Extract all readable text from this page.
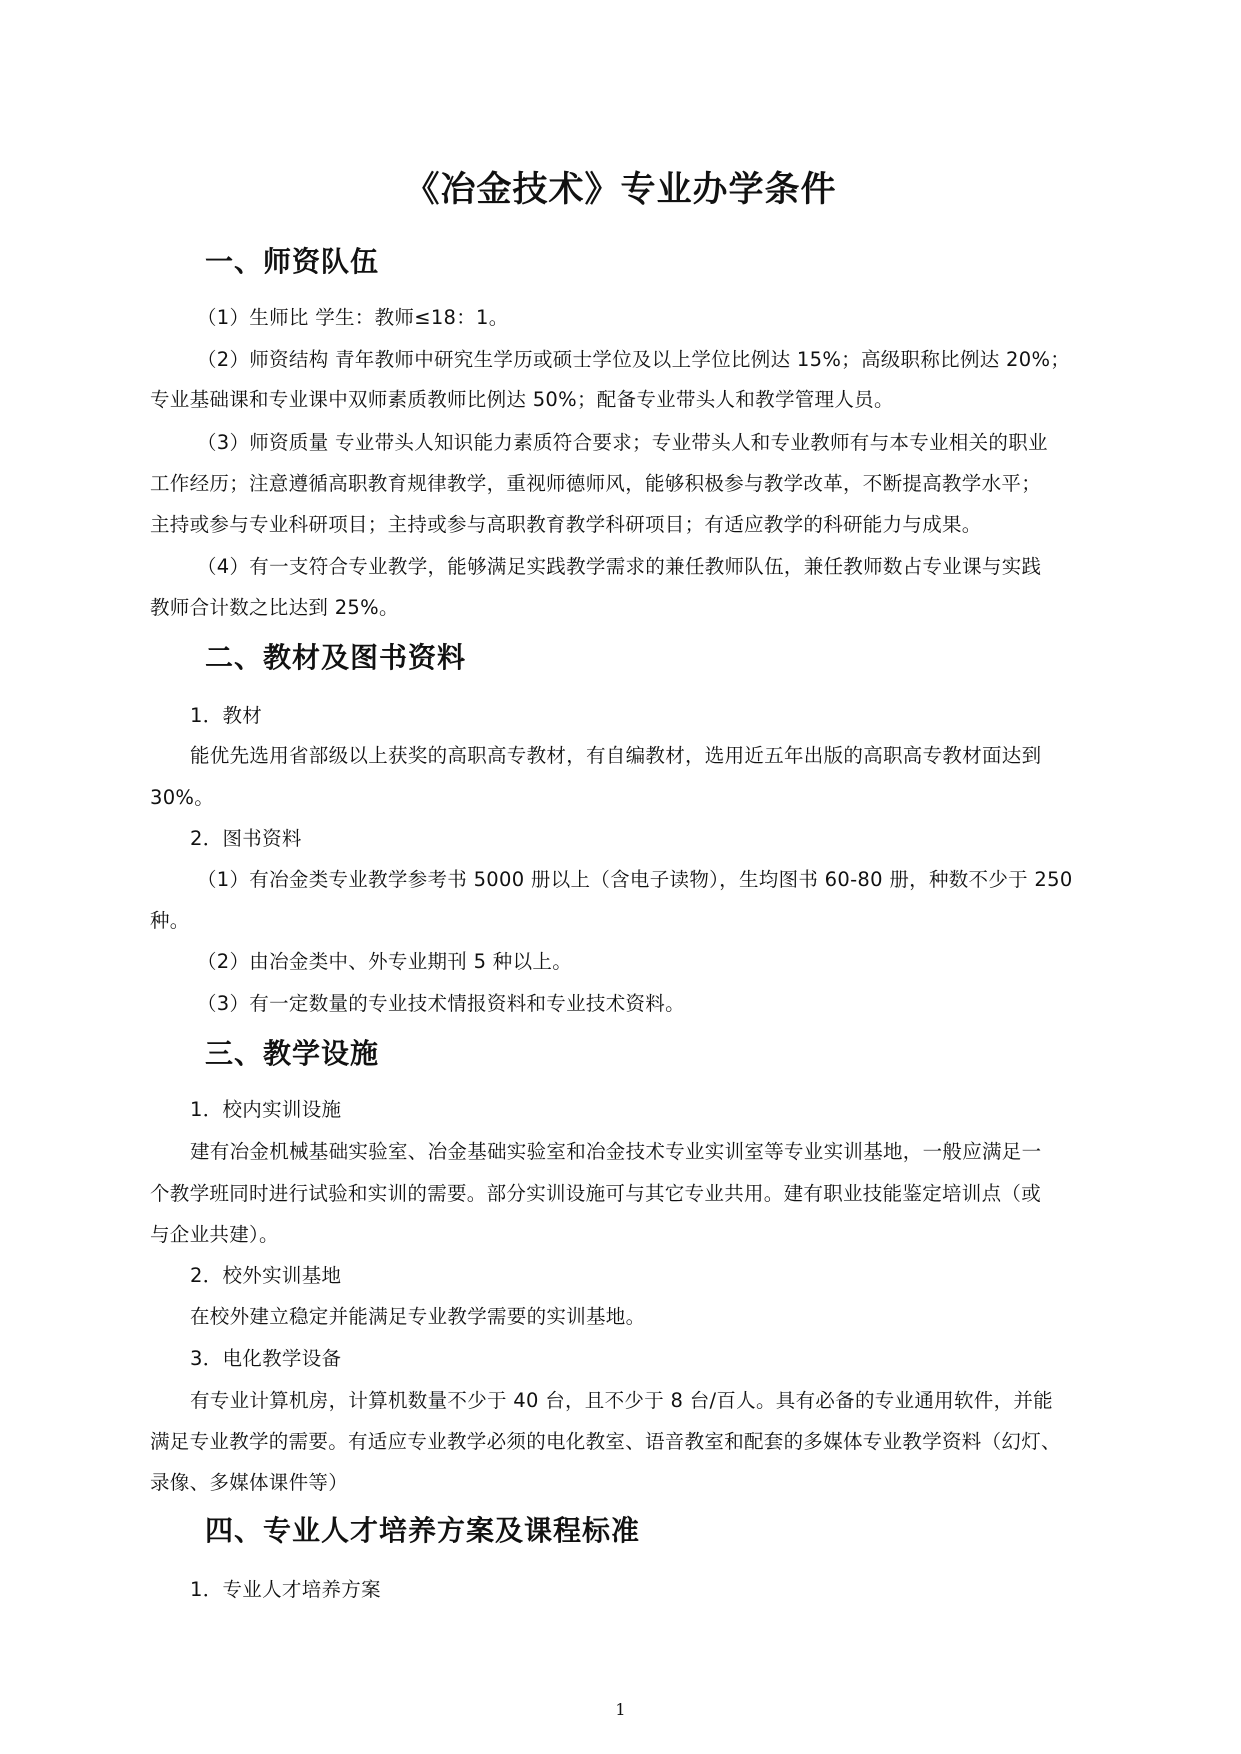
《冶金技术》专业办学条件
一、师资队伍
（1）生师比 学生：教师≤18：1。
（2）师资结构 青年教师中研究生学历或硕士学位及以上学位比例达 15%；高级职称比例达 20%；
专业基础课和专业课中双师素质教师比例达 50%；配备专业带头人和教学管理人员。
（3）师资质量 专业带头人知识能力素质符合要求；专业带头人和专业教师有与本专业相关的职业
工作经历；注意遵循高职教育规律教学，重视师德师风，能够积极参与教学改革，不断提高教学水平；
主持或参与专业科研项目；主持或参与高职教育教学科研项目；有适应教学的科研能力与成果。
（4）有一支符合专业教学，能够满足实践教学需求的兼任教师队伍，兼任教师数占专业课与实践
教师合计数之比达到 25%。
二、教材及图书资料
1．教材
能优先选用省部级以上获奖的高职高专教材，有自编教材，选用近五年出版的高职高专教材面达到
30%。
2．图书资料
（1）有冶金类专业教学参考书 5000 册以上（含电子读物），生均图书 60-80 册，种数不少于 250
种。
（2）由冶金类中、外专业期刊 5 种以上。
（3）有一定数量的专业技术情报资料和专业技术资料。
三、教学设施
1．校内实训设施
建有冶金机械基础实验室、冶金基础实验室和冶金技术专业实训室等专业实训基地，一般应满足一
个教学班同时进行试验和实训的需要。部分实训设施可与其它专业共用。建有职业技能鉴定培训点（或
与企业共建）。
2．校外实训基地
在校外建立稳定并能满足专业教学需要的实训基地。
3．电化教学设备
有专业计算机房，计算机数量不少于 40 台，且不少于 8 台/百人。具有必备的专业通用软件，并能
满足专业教学的需要。有适应专业教学必须的电化教室、语音教室和配套的多媒体专业教学资料（幻灯、
录像、多媒体课件等）
四、专业人才培养方案及课程标准
1．专业人才培养方案
1
